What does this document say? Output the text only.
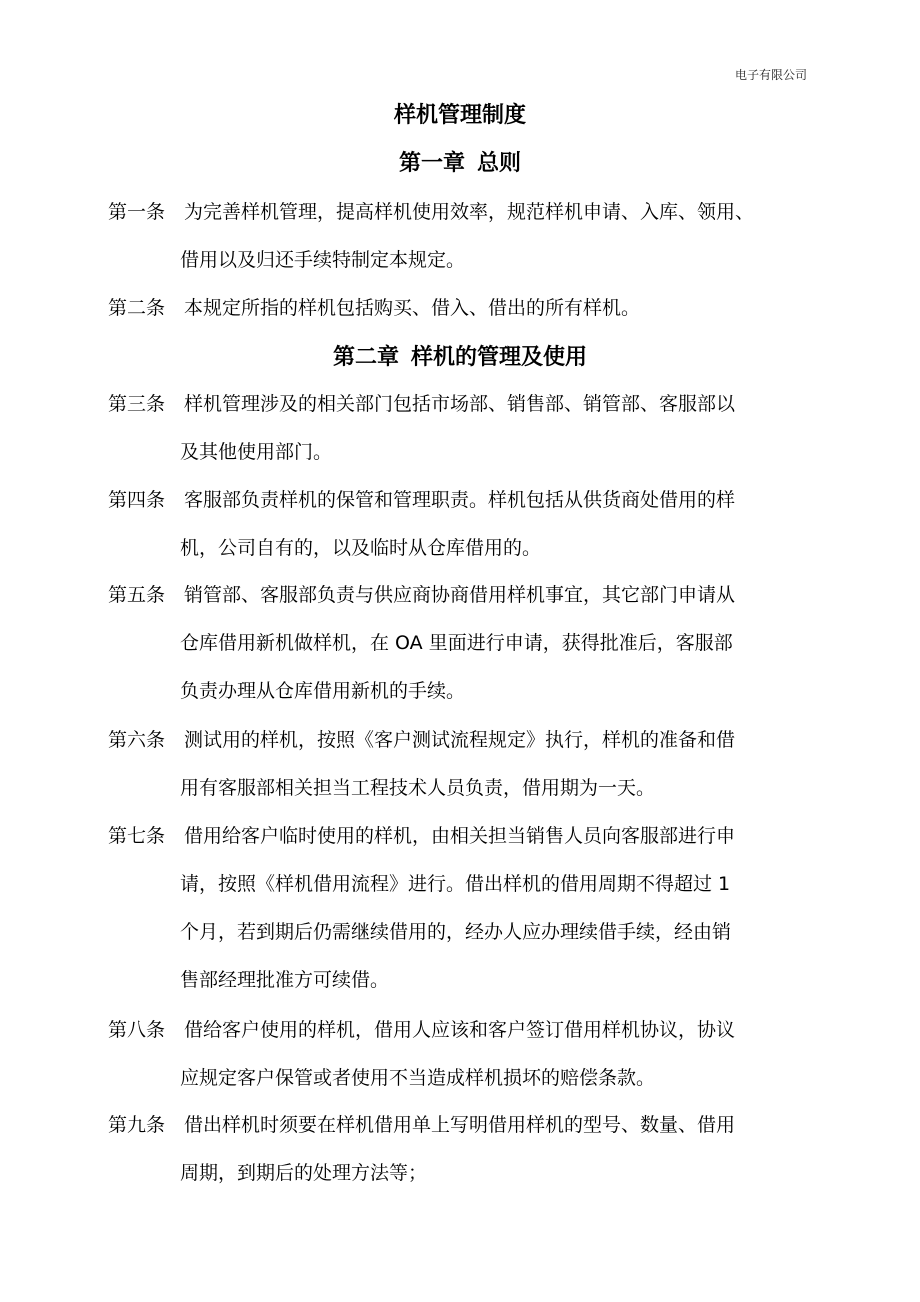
电子有限公司
样机管理制度
第一章 总则
第一条 为完善样机管理，提高样机使用效率，规范样机申请、入库、领用、
借用以及归还手续特制定本规定。
第二条 本规定所指的样机包括购买、借入、借出的所有样机。
第二章 样机的管理及使用
第三条 样机管理涉及的相关部门包括市场部、销售部、销管部、客服部以
及其他使用部门。
第四条 客服部负责样机的保管和管理职责。样机包括从供货商处借用的样
机，公司自有的，以及临时从仓库借用的。
第五条 销管部、客服部负责与供应商协商借用样机事宜，其它部门申请从
仓库借用新机做样机，在 OA 里面进行申请，获得批准后，客服部
负责办理从仓库借用新机的手续。
第六条 测试用的样机，按照《客户测试流程规定》执行，样机的准备和借
用有客服部相关担当工程技术人员负责，借用期为一天。
第七条 借用给客户临时使用的样机，由相关担当销售人员向客服部进行申
请，按照《样机借用流程》进行。借出样机的借用周期不得超过 1
个月，若到期后仍需继续借用的，经办人应办理续借手续，经由销
售部经理批准方可续借。
第八条 借给客户使用的样机，借用人应该和客户签订借用样机协议，协议
应规定客户保管或者使用不当造成样机损坏的赔偿条款。
第九条 借出样机时须要在样机借用单上写明借用样机的型号、数量、借用
周期，到期后的处理方法等；
